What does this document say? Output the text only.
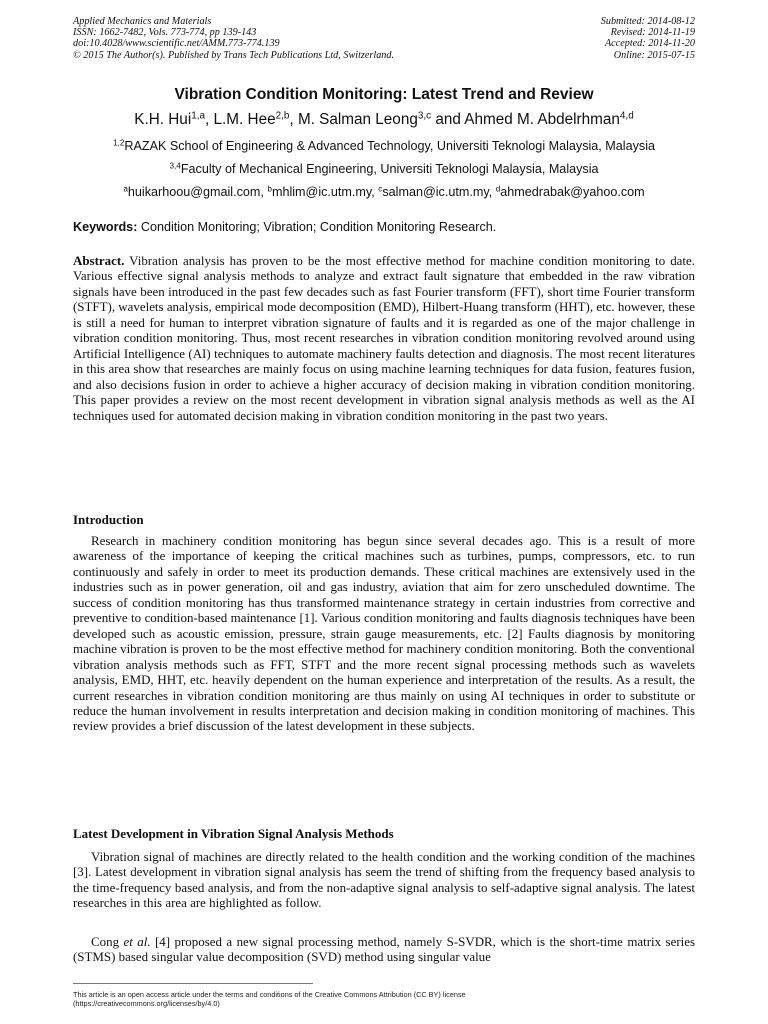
Applied Mechanics and Materials
ISSN: 1662-7482, Vols. 773-774, pp 139-143
doi:10.4028/www.scientific.net/AMM.773-774.139
© 2015 The Author(s). Published by Trans Tech Publications Ltd, Switzerland.
Submitted: 2014-08-12
Revised: 2014-11-19
Accepted: 2014-11-20
Online: 2015-07-15
Vibration Condition Monitoring: Latest Trend and Review
K.H. Hui$^{1,a}$, L.M. Hee$^{2,b}$, M. Salman Leong$^{3,c}$ and Ahmed M. Abdelrhman$^{4,d}$
$^{1,2}$RAZAK School of Engineering & Advanced Technology, Universiti Teknologi Malaysia, Malaysia
$^{3,4}$Faculty of Mechanical Engineering, Universiti Teknologi Malaysia, Malaysia
$^a$huikarhoou@gmail.com, $^b$mhlim@ic.utm.my, $^c$salman@ic.utm.my, $^d$ahmedrabak@yahoo.com
Keywords: Condition Monitoring; Vibration; Condition Monitoring Research.
Abstract. Vibration analysis has proven to be the most effective method for machine condition monitoring to date. Various effective signal analysis methods to analyze and extract fault signature that embedded in the raw vibration signals have been introduced in the past few decades such as fast Fourier transform (FFT), short time Fourier transform (STFT), wavelets analysis, empirical mode decomposition (EMD), Hilbert-Huang transform (HHT), etc. however, these is still a need for human to interpret vibration signature of faults and it is regarded as one of the major challenge in vibration condition monitoring. Thus, most recent researches in vibration condition monitoring revolved around using Artificial Intelligence (AI) techniques to automate machinery faults detection and diagnosis. The most recent literatures in this area show that researches are mainly focus on using machine learning techniques for data fusion, features fusion, and also decisions fusion in order to achieve a higher accuracy of decision making in vibration condition monitoring. This paper provides a review on the most recent development in vibration signal analysis methods as well as the AI techniques used for automated decision making in vibration condition monitoring in the past two years.
Introduction
Research in machinery condition monitoring has begun since several decades ago. This is a result of more awareness of the importance of keeping the critical machines such as turbines, pumps, compressors, etc. to run continuously and safely in order to meet its production demands. These critical machines are extensively used in the industries such as in power generation, oil and gas industry, aviation that aim for zero unscheduled downtime. The success of condition monitoring has thus transformed maintenance strategy in certain industries from corrective and preventive to condition-based maintenance [1]. Various condition monitoring and faults diagnosis techniques have been developed such as acoustic emission, pressure, strain gauge measurements, etc. [2] Faults diagnosis by monitoring machine vibration is proven to be the most effective method for machinery condition monitoring. Both the conventional vibration analysis methods such as FFT, STFT and the more recent signal processing methods such as wavelets analysis, EMD, HHT, etc. heavily dependent on the human experience and interpretation of the results. As a result, the current researches in vibration condition monitoring are thus mainly on using AI techniques in order to substitute or reduce the human involvement in results interpretation and decision making in condition monitoring of machines. This review provides a brief discussion of the latest development in these subjects.
Latest Development in Vibration Signal Analysis Methods
Vibration signal of machines are directly related to the health condition and the working condition of the machines [3]. Latest development in vibration signal analysis has seem the trend of shifting from the frequency based analysis to the time-frequency based analysis, and from the non-adaptive signal analysis to self-adaptive signal analysis. The latest researches in this area are highlighted as follow.
Cong et al. [4] proposed a new signal processing method, namely S-SVDR, which is the short-time matrix series (STMS) based singular value decomposition (SVD) method using singular value
This article is an open access article under the terms and conditions of the Creative Commons Attribution (CC BY) license
(https://creativecommons.org/licenses/by/4.0)
